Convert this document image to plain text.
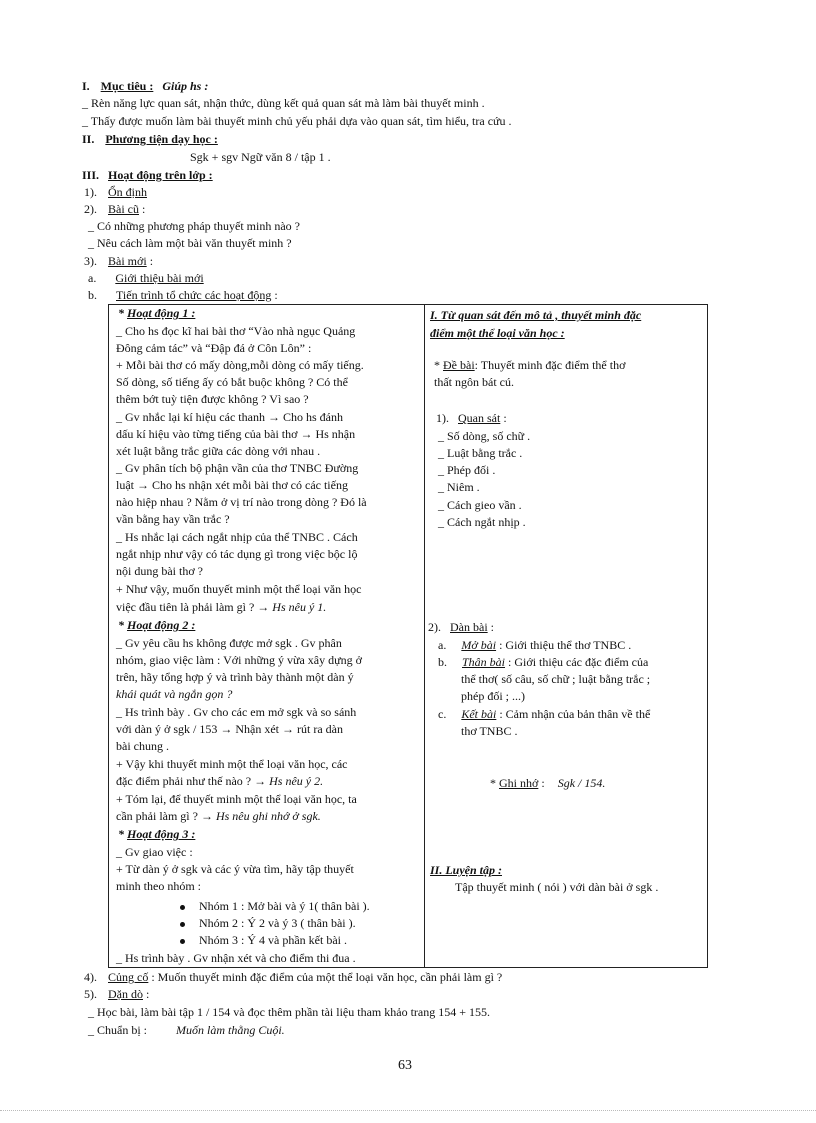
I. Mục tiêu : Giúp hs :
_ Rèn năng lực quan sát, nhận thức, dùng kết quả quan sát mà làm bài thuyết minh .
_ Thấy được muốn làm bài thuyết minh chủ yếu phải dựa vào quan sát, tìm hiểu, tra cứu .
II. Phương tiện dạy học :
Sgk + sgv Ngữ văn 8 / tập 1 .
III. Hoạt động trên lớp :
1). Ổn định
2). Bài cũ :
_ Có những phương pháp thuyết minh nào ?
_ Nêu cách làm một bài văn thuyết minh ?
3). Bài mới :
a. Giới thiệu bài mới
b. Tiến trình tổ chức các hoạt động :
* Hoạt động 1 :
_ Cho hs đọc kĩ hai bài thơ “Vào nhà ngục Quảng
Đông cảm tác” và “Đập đá ở Côn Lôn” :
+ Mỗi bài thơ có mấy dòng,mỗi dòng có mấy tiếng.
Số dòng, số tiếng ấy có bắt buộc không ? Có thể
thêm bớt tuỳ tiện được không ? Vì sao ?
_ Gv nhắc lại kí hiệu các thanh → Cho hs đánh
dấu kí hiệu vào từng tiếng của bài thơ → Hs nhận
xét luật bằng trắc giữa các dòng với nhau .
_ Gv phân tích bộ phận vần của thơ TNBC Đường
luật → Cho hs nhận xét mỗi bài thơ có các tiếng
nào hiệp nhau ? Nằm ở vị trí nào trong dòng ? Đó là
vần bằng hay vần trắc ?
_ Hs nhắc lại cách ngắt nhịp của thể TNBC . Cách
ngắt nhịp như vậy có tác dụng gì trong việc bộc lộ
nội dung bài thơ ?
+ Như vậy, muốn thuyết minh một thể loại văn học
việc đầu tiên là phải làm gì ? → Hs nêu ý 1.
* Hoạt động 2 :
_ Gv yêu cầu hs không được mở sgk . Gv phân
nhóm, giao việc làm : Với những ý vừa xây dựng ở
trên, hãy tổng hợp ý và trình bày thành một dàn ý
khái quát và ngắn gọn ?
_ Hs trình bày . Gv cho các em mở sgk và so sánh
với dàn ý ở sgk / 153 → Nhận xét → rút ra dàn
bài chung .
+ Vậy khi thuyết minh một thể loại văn học, các
đặc điểm phải như thế nào ? → Hs nêu ý 2.
+ Tóm lại, để thuyết minh một thể loại văn học, ta
cần phải làm gì ? → Hs nêu ghi nhớ ở sgk.
* Hoạt động 3 :
_ Gv giao việc :
+ Từ dàn ý ở sgk và các ý vừa tìm, hãy tập thuyết
minh theo nhóm :
Nhóm 1 : Mở bài và ý 1( thân bài ).
Nhóm 2 : Ý 2 và ý 3 ( thân bài ).
Nhóm 3 : Ý 4 và phần kết bài .
_ Hs trình bày . Gv nhận xét và cho điểm thi đua .
I. Từ quan sát đến mô tả , thuyết minh đặc
điểm một thể loại văn học :
* Đề bài: Thuyết minh đặc điểm thể thơ
thất ngôn bát cú.
1). Quan sát :
_ Số dòng, số chữ .
_ Luật bằng trắc .
_ Phép đối .
_ Niêm .
_ Cách gieo vần .
_ Cách ngắt nhịp .
2). Dàn bài :
a. Mở bài : Giới thiệu thể thơ TNBC .
b. Thân bài : Giới thiệu các đặc điểm của
thể thơ( số câu, số chữ ; luật bằng trắc ;
phép đối ; ...)
c. Kết bài : Cảm nhận của bản thân về thể
thơ TNBC .
* Ghi nhớ : Sgk / 154.
II. Luyện tập :
Tập thuyết minh ( nói ) với dàn bài ở sgk .
4). Củng cố : Muốn thuyết minh đặc điểm của một thể loại văn học, cần phải làm gì ?
5). Dặn dò :
_ Học bài, làm bài tập 1 / 154 và đọc thêm phần tài liệu tham khảo trang 154 + 155.
_ Chuẩn bị : Muốn làm thằng Cuội.
63
